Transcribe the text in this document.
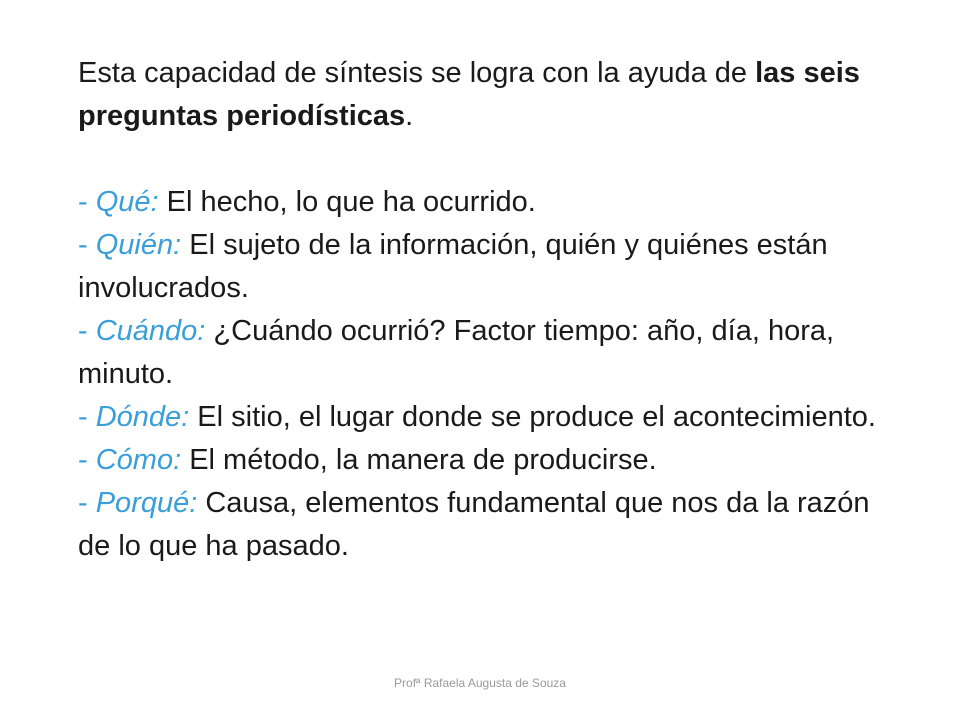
Esta capacidad de síntesis se logra con la ayuda de las seis preguntas periodísticas.

- Qué: El hecho, lo que ha ocurrido.

- Quién: El sujeto de la información, quién y quiénes están involucrados.

- Cuándo: ¿Cuándo ocurrió? Factor tiempo: año, día, hora, minuto.

- Dónde: El sitio, el lugar donde se produce el acontecimiento.

- Cómo: El método, la manera de producirse.

- Porqué: Causa, elementos fundamental que nos da la razón de lo que ha pasado.

Profª Rafaela Augusta de Souza
